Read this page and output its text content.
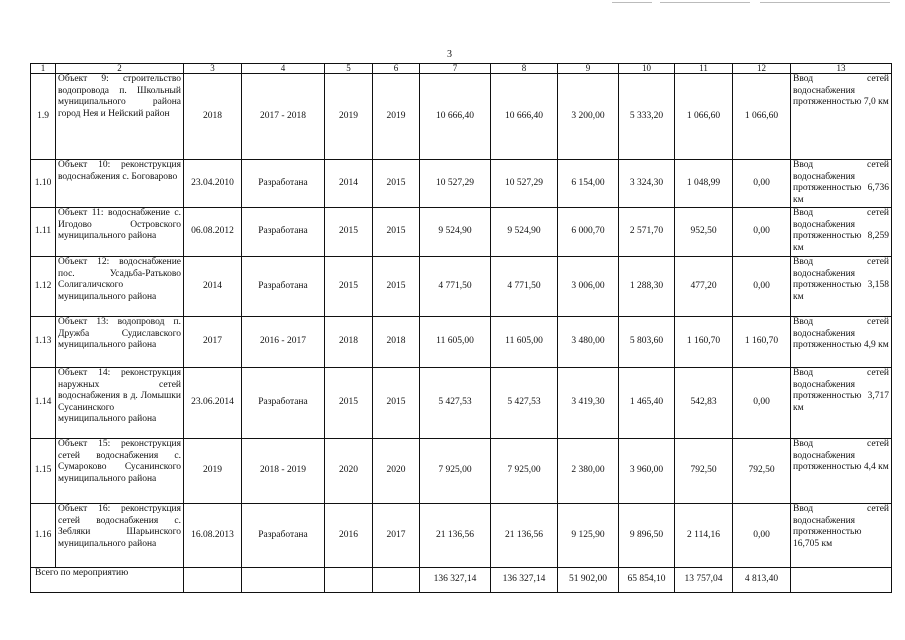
3
1	2	3	4	5	6	7	8	9	10	11	12	13
1.9	Объект 9: строительство водопровода п. Школьный муниципального района город Нея и Нейский район	2018	2017 - 2018	2019	2019	10 666,40	10 666,40	3 200,00	5 333,20	1 066,60	1 066,60	Ввод сетей водоснабжения протяженностью 7,0 км
1.10	Объект 10: реконструкция водоснабжения с. Боговарово	23.04.2010	Разработана	2014	2015	10 527,29	10 527,29	6 154,00	3 324,30	1 048,99	0,00	Ввод сетей водоснабжения протяженностью 6,736 км
1.11	Объект 11: водоснабжение с. Игодово Островского муниципального района	06.08.2012	Разработана	2015	2015	9 524,90	9 524,90	6 000,70	2 571,70	952,50	0,00	Ввод сетей водоснабжения протяженностью 8,259 км
1.12	Объект 12: водоснабжение пос. Усадьба-Ратьково Солигаличского муниципального района	2014	Разработана	2015	2015	4 771,50	4 771,50	3 006,00	1 288,30	477,20	0,00	Ввод сетей водоснабжения протяженностью 3,158 км
1.13	Объект 13: водопровод п. Дружба Судиславского муниципального района	2017	2016 - 2017	2018	2018	11 605,00	11 605,00	3 480,00	5 803,60	1 160,70	1 160,70	Ввод сетей водоснабжения протяженностью 4,9 км
1.14	Объект 14: реконструкция наружных сетей водоснабжения в д. Ломышки Сусанинского муниципального района	23.06.2014	Разработана	2015	2015	5 427,53	5 427,53	3 419,30	1 465,40	542,83	0,00	Ввод сетей водоснабжения протяженностью 3,717 км
1.15	Объект 15: реконструкция сетей водоснабжения с. Сумароково Сусанинского муниципального района	2019	2018 - 2019	2020	2020	7 925,00	7 925,00	2 380,00	3 960,00	792,50	792,50	Ввод сетей водоснабжения протяженностью 4,4 км
1.16	Объект 16: реконструкция сетей водоснабжения с. Зебляки Шарьинского муниципального района	16.08.2013	Разработана	2016	2017	21 136,56	21 136,56	9 125,90	9 896,50	2 114,16	0,00	Ввод сетей водоснабжения протяженностью 16,705 км
Всего по мероприятию						136 327,14	136 327,14	51 902,00	65 854,10	13 757,04	4 813,40	
